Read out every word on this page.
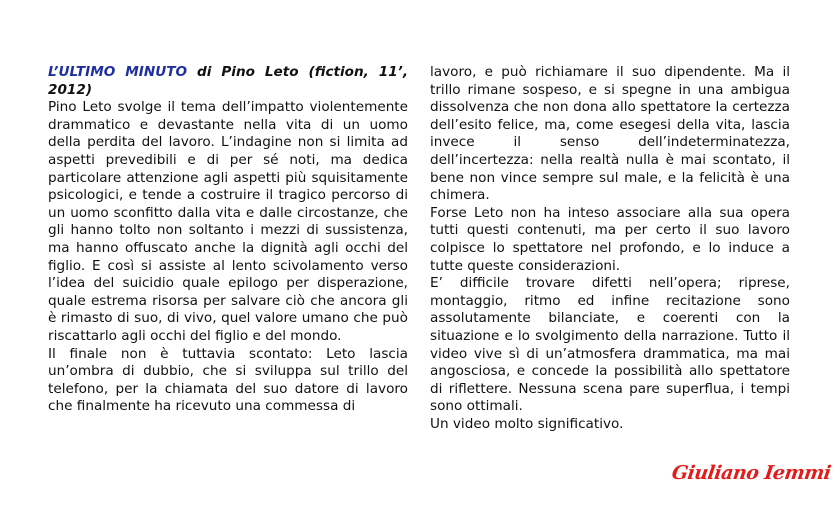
L’ULTIMO MINUTO di Pino Leto (fiction, 11’, 2012)

Pino Leto svolge il tema dell’impatto violentemente drammatico e devastante nella vita di un uomo della perdita del lavoro. L’indagine non si limita ad aspetti prevedibili e di per sé noti, ma dedica particolare attenzione agli aspetti più squisitamente psicologici, e tende a costruire il tragico percorso di un uomo sconfitto dalla vita e dalle circostanze, che gli hanno tolto non soltanto i mezzi di sussistenza, ma hanno offuscato anche la dignità agli occhi del figlio. E così si assiste al lento scivolamento verso l’idea del suicidio quale epilogo per disperazione, quale estrema risorsa per salvare ciò che ancora gli è rimasto di suo, di vivo, quel valore umano che può riscattarlo agli occhi del figlio e del mondo.

Il finale non è tuttavia scontato: Leto lascia un’ombra di dubbio, che si sviluppa sul trillo del telefono, per la chiamata del suo datore di lavoro che finalmente ha ricevuto una commessa di

lavoro, e può richiamare il suo dipendente. Ma il trillo rimane sospeso, e si spegne in una ambigua dissolvenza che non dona allo spettatore la certezza dell’esito felice, ma, come esegesi della vita, lascia invece il senso dell’indeterminatezza, dell’incertezza: nella realtà nulla è mai scontato, il bene non vince sempre sul male, e la felicità è una chimera.

Forse Leto non ha inteso associare alla sua opera tutti questi contenuti, ma per certo il suo lavoro colpisce lo spettatore nel profondo, e lo induce a tutte queste considerazioni.

E’ difficile trovare difetti nell’opera; riprese, montaggio, ritmo ed infine recitazione sono assolutamente bilanciate, e coerenti con la situazione e lo svolgimento della narrazione. Tutto il video vive sì di un’atmosfera drammatica, ma mai angosciosa, e concede la possibilità allo spettatore di riflettere. Nessuna scena pare superflua, i tempi sono ottimali.

Un video molto significativo.

Giuliano Iemmi
